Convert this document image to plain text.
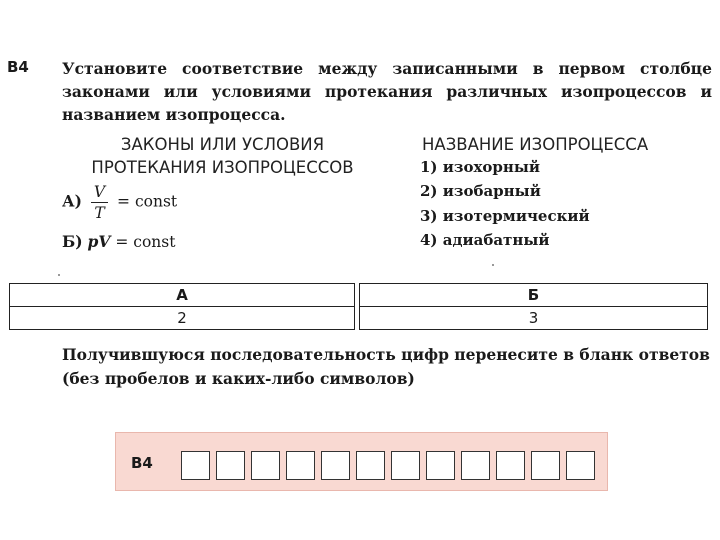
В4 Установите соответствие между записанными в первом столбце законами или условиями протекания различных изопроцессов и названием изопроцесса.
ЗАКОНЫ ИЛИ УСЛОВИЯ
ПРОТЕКАНИЯ ИЗОПРОЦЕССОВ
НАЗВАНИЕ ИЗОПРОЦЕССА
$А) \frac{V}{T}$ = const
Б) pV = const
1) изохорный
2) изобарный
3) изотермический
4) адиабатный
А		Б
2		3
Получившуюся последовательность цифр перенесите в бланк ответов (без пробелов и каких-либо символов)
В4
